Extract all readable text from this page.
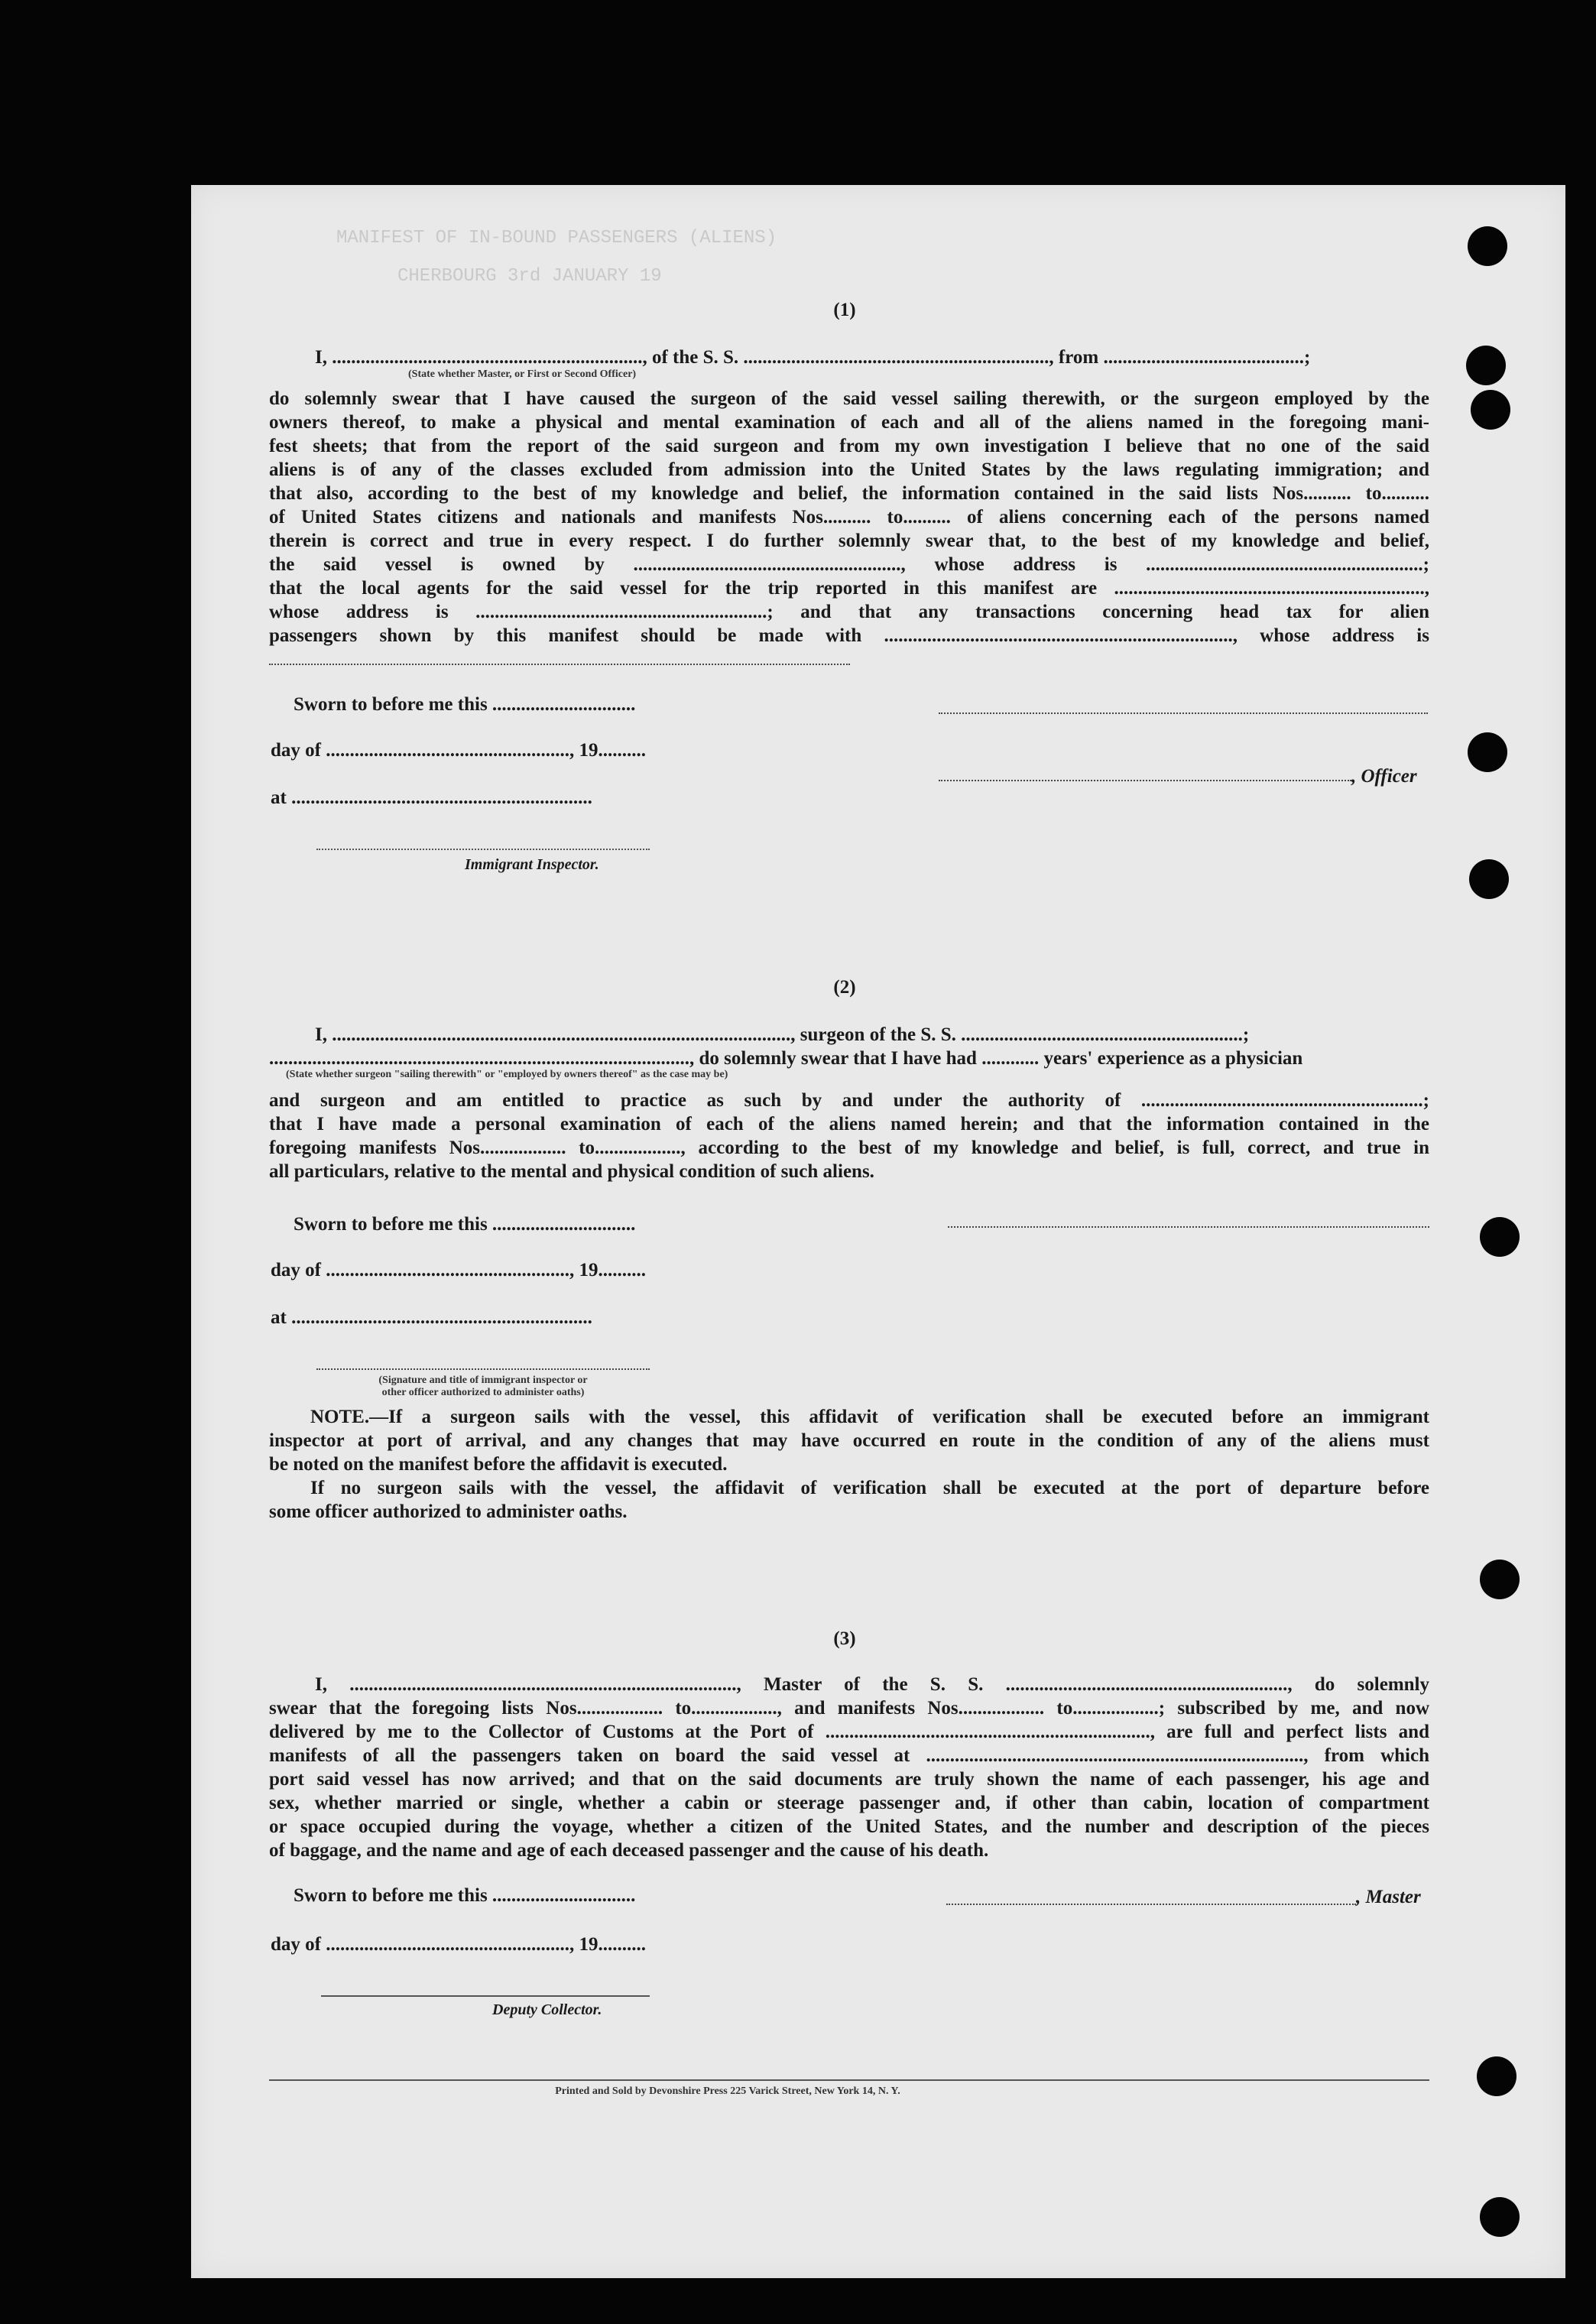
MANIFEST OF IN-BOUND PASSENGERS (ALIENS)
CHERBOURG 3rd JANUARY 19
(1)
I, ................................................................., of the S. S. ................................................................, from ..........................................;
(State whether Master, or First or Second Officer)
do solemnly swear that I have caused the surgeon of the said vessel sailing therewith, or the surgeon employed by the
owners thereof, to make a physical and mental examination of each and all of the aliens named in the foregoing mani-
fest sheets; that from the report of the said surgeon and from my own investigation I believe that no one of the said
aliens is of any of the classes excluded from admission into the United States by the laws regulating immigration; and
that also, according to the best of my knowledge and belief, the information contained in the said lists Nos.......... to..........
of United States citizens and nationals and manifests Nos.......... to.......... of aliens concerning each of the persons named
therein is correct and true in every respect. I do further solemnly swear that, to the best of my knowledge and belief,
the said vessel is owned by ........................................................, whose address is ..........................................................;
that the local agents for the said vessel for the trip reported in this manifest are .................................................................,
whose address is .............................................................; and that any transactions concerning head tax for alien
passengers shown by this manifest should be made with ........................................................................., whose address is
Sworn to before me this ..............................
day of ..................................................., 19..........
, Officer
at ...............................................................
Immigrant Inspector.
(2)
I, ................................................................................................, surgeon of the S. S. ...........................................................;
........................................................................................, do solemnly swear that I have had ............ years' experience as a physician
(State whether surgeon "sailing therewith" or "employed by owners thereof" as the case may be)
and surgeon and am entitled to practice as such by and under the authority of ...........................................................;
that I have made a personal examination of each of the aliens named herein; and that the information contained in the
foregoing manifests Nos.................. to.................., according to the best of my knowledge and belief, is full, correct, and true in
all particulars, relative to the mental and physical condition of such aliens.
Sworn to before me this ..............................
day of ..................................................., 19..........
at ...............................................................
(Signature and title of immigrant inspector or
other officer authorized to administer oaths)
NOTE.—If a surgeon sails with the vessel, this affidavit of verification shall be executed before an immigrant
inspector at port of arrival, and any changes that may have occurred en route in the condition of any of the aliens must
be noted on the manifest before the affidavit is executed.
If no surgeon sails with the vessel, the affidavit of verification shall be executed at the port of departure before
some officer authorized to administer oaths.
(3)
I, ................................................................................., Master of the S. S. ..........................................................., do solemnly
swear that the foregoing lists Nos.................. to.................., and manifests Nos.................. to..................; subscribed by me, and now
delivered by me to the Collector of Customs at the Port of ...................................................................., are full and perfect lists and
manifests of all the passengers taken on board the said vessel at ..............................................................................., from which
port said vessel has now arrived; and that on the said documents are truly shown the name of each passenger, his age and
sex, whether married or single, whether a cabin or steerage passenger and, if other than cabin, location of compartment
or space occupied during the voyage, whether a citizen of the United States, and the number and description of the pieces
of baggage, and the name and age of each deceased passenger and the cause of his death.
Sworn to before me this ..............................	, Master
day of ..................................................., 19..........
Deputy Collector.
Printed and Sold by Devonshire Press 225 Varick Street, New York 14, N. Y.
